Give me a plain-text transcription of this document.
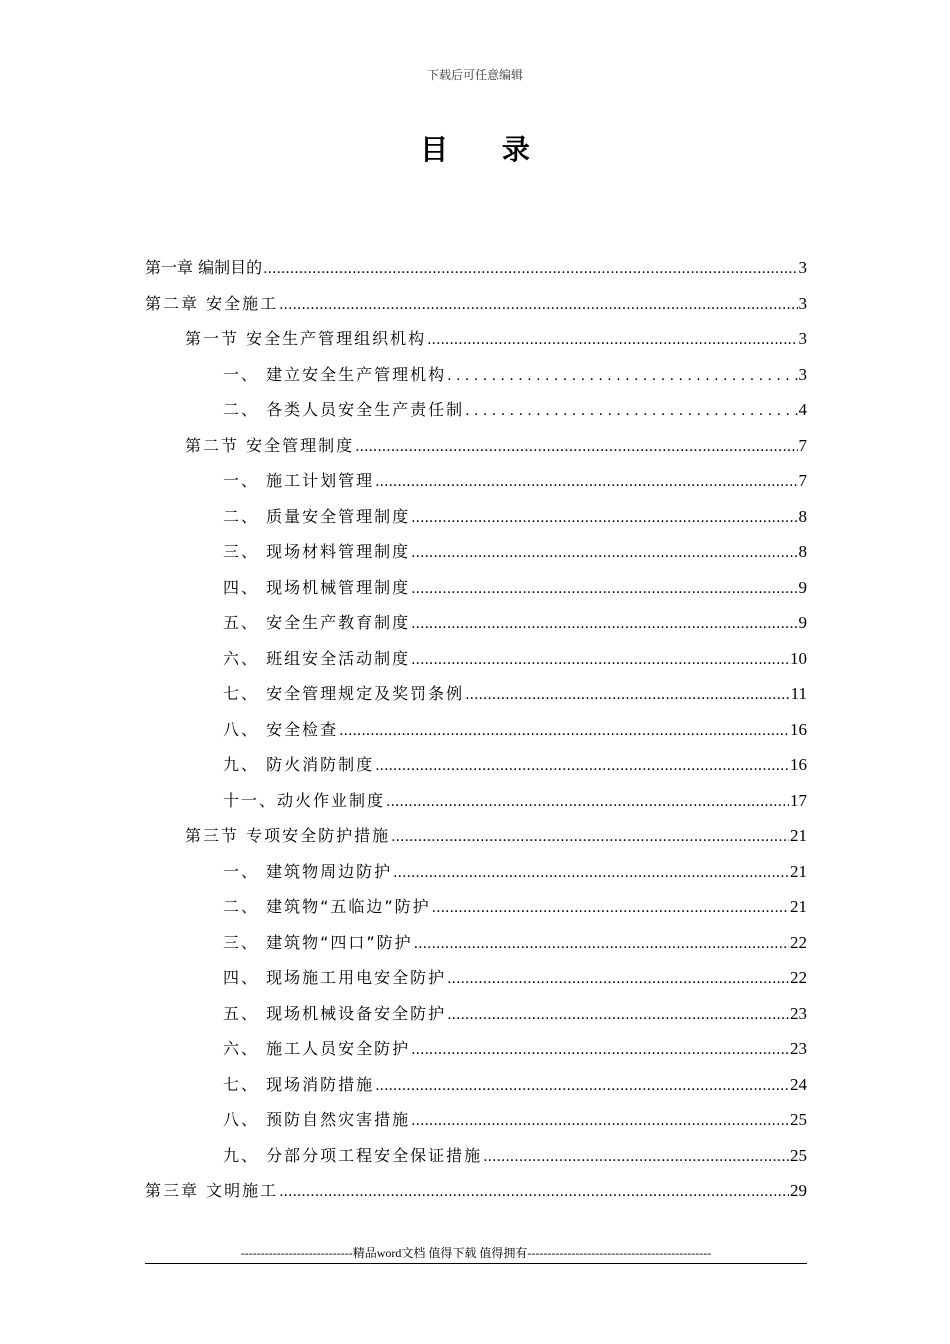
下载后可任意编辑
目 录
第一章 编制目的 .....	3
第二章 安全施工 .....	3
第一节 安全生产管理组织机构 .....	3
一、 建立安全生产管理机构 . . .	3
二、 各类人员安全生产责任制 . . .	4
第二节 安全管理制度 .....	7
一、 施工计划管理 .....	7
二、 质量安全管理制度 .....	8
三、 现场材料管理制度 .....	8
四、 现场机械管理制度 .....	9
五、 安全生产教育制度 .....	9
六、 班组安全活动制度 .....	10
七、 安全管理规定及奖罚条例 .....	11
八、 安全检查 .....	16
九、 防火消防制度 .....	16
十一、动火作业制度 .....	17
第三节 专项安全防护措施 .....	21
一、 建筑物周边防护 .....	21
二、 建筑物“五临边”防护 .....	21
三、 建筑物“四口”防护 .....	22
四、 现场施工用电安全防护 .....	22
五、 现场机械设备安全防护 .....	23
六、 施工人员安全防护 .....	23
七、 现场消防措施 .....	24
八、 预防自然灾害措施 .....	25
九、 分部分项工程安全保证措施 .....	25
第三章 文明施工 .....	29
----------------------------精品word文档 值得下载 值得拥有----------------------------------------------
